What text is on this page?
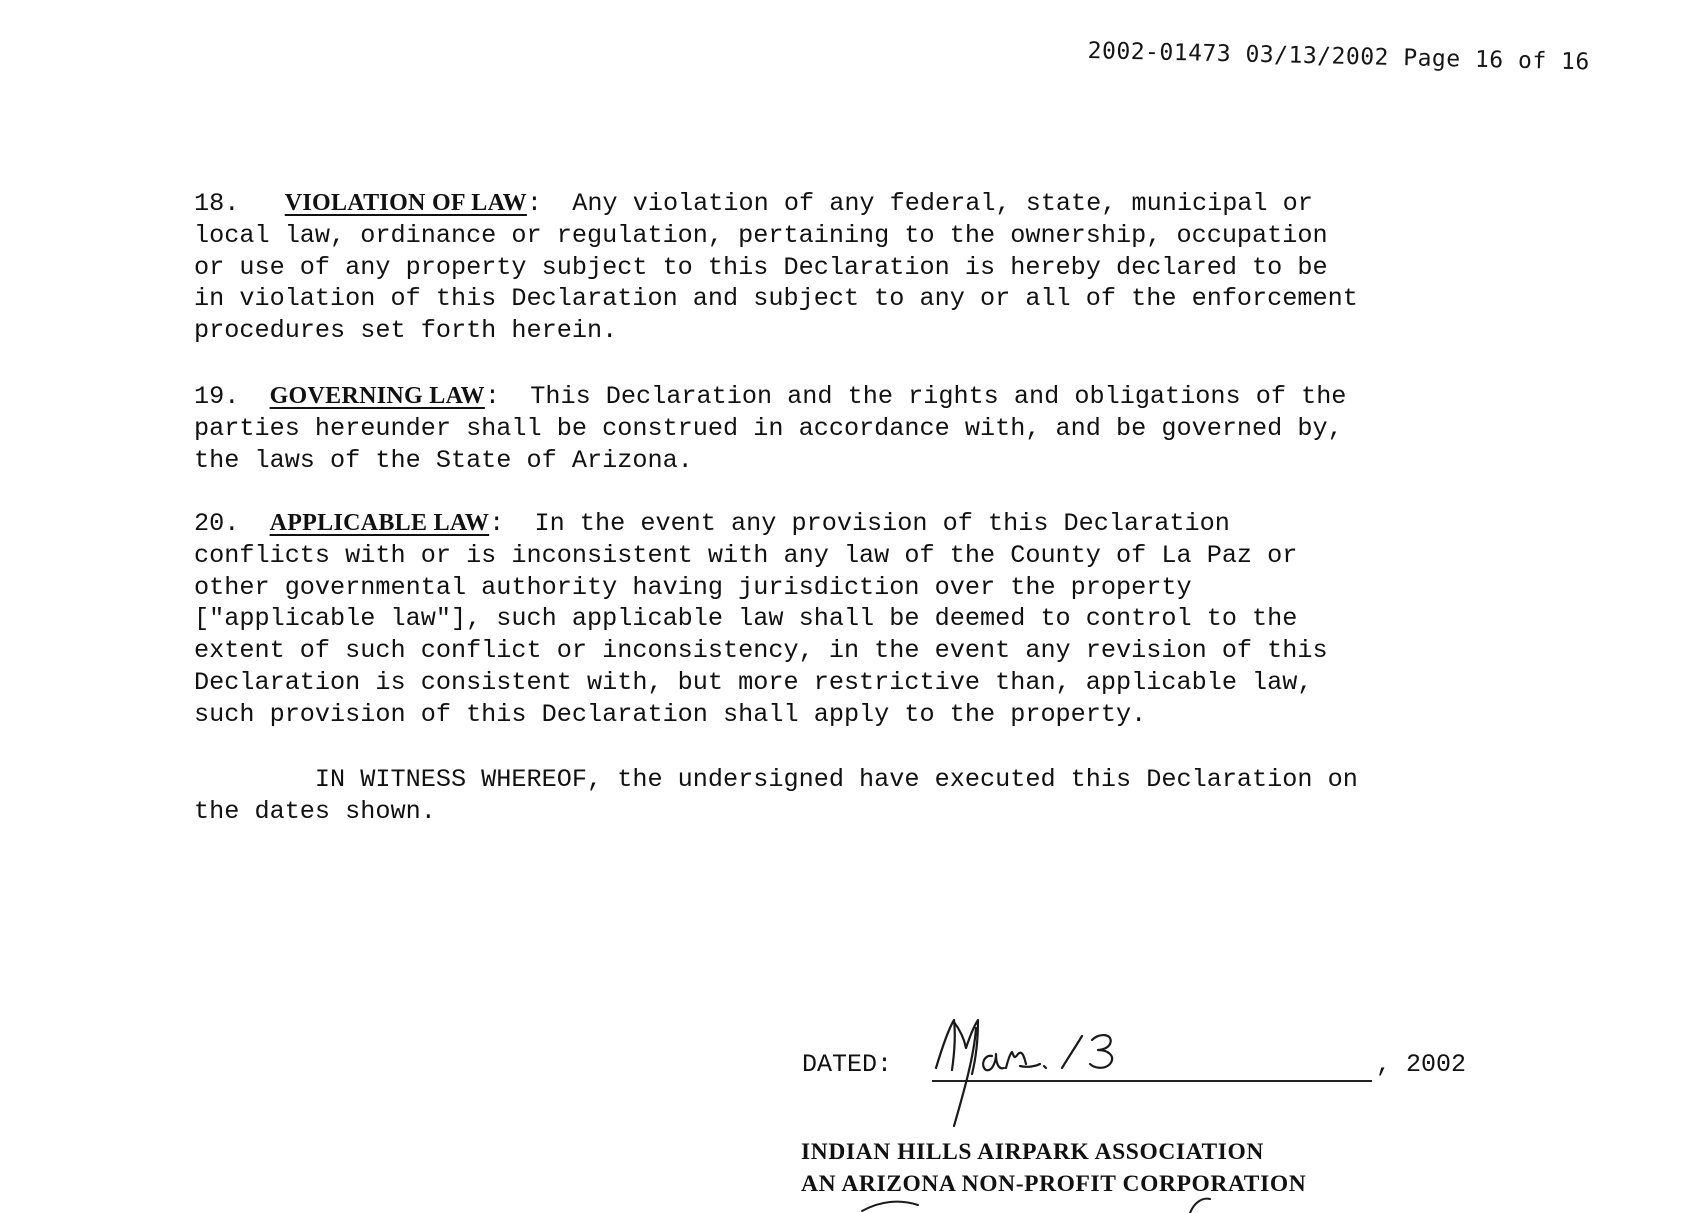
2002-01473 03/13/2002 Page 16 of 16
18. VIOLATION OF LAW:  Any violation of any federal, state, municipal or
local law, ordinance or regulation, pertaining to the ownership, occupation
or use of any property subject to this Declaration is hereby declared to be
in violation of this Declaration and subject to any or all of the enforcement
procedures set forth herein.
19. GOVERNING LAW:  This Declaration and the rights and obligations of the
parties hereunder shall be construed in accordance with, and be governed by,
the laws of the State of Arizona.
20. APPLICABLE LAW:  In the event any provision of this Declaration
conflicts with or is inconsistent with any law of the County of La Paz or
other governmental authority having jurisdiction over the property
["applicable law"], such applicable law shall be deemed to control to the
extent of such conflict or inconsistency, in the event any revision of this
Declaration is consistent with, but more restrictive than, applicable law,
such provision of this Declaration shall apply to the property.
IN WITNESS WHEREOF, the undersigned have executed this Declaration on
the dates shown.
DATED:	, 2002
INDIAN HILLS AIRPARK ASSOCIATION
AN ARIZONA NON-PROFIT CORPORATION
